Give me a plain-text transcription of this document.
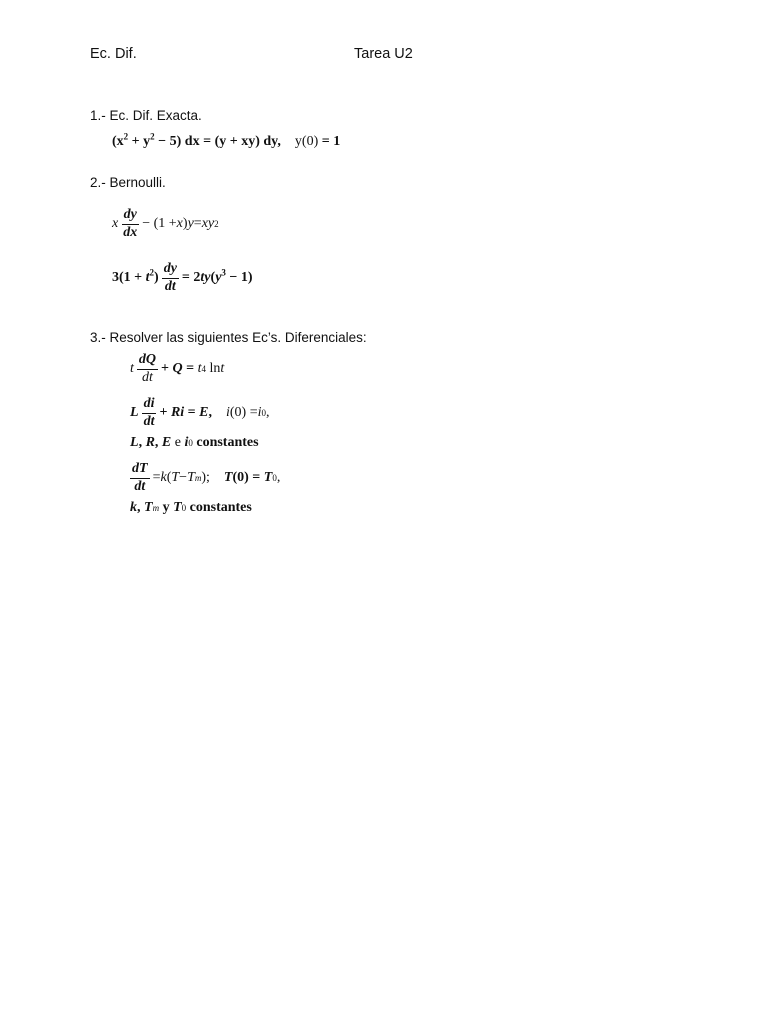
Ec. Dif.	Tarea U2
1.- Ec. Dif. Exacta.
( $x^2 + y^2 - 5$) dx = (y + xy) dy, y(0)
= 1
2.- Bernoulli.
x $\frac{dy}{dx} - (1 + x$ ) y = xy 2
$3(1 + t^2) \frac{dy}{dt} = 2ty(y^3 - 1)$
3.- Resolver las siguientes Ec’s. Diferenciales:
t $\frac{dQ}{dt} + Q$ =
t 4 ln t
L $\frac{di}{dt} + Ri = E$, i (0) = i 0 ,
L, R, E e i 0
constantes
$\frac{dT}{dt} = k$ ( T − T m ); T(0) = T 0 ,
k, T m
y
T 0
constantes
